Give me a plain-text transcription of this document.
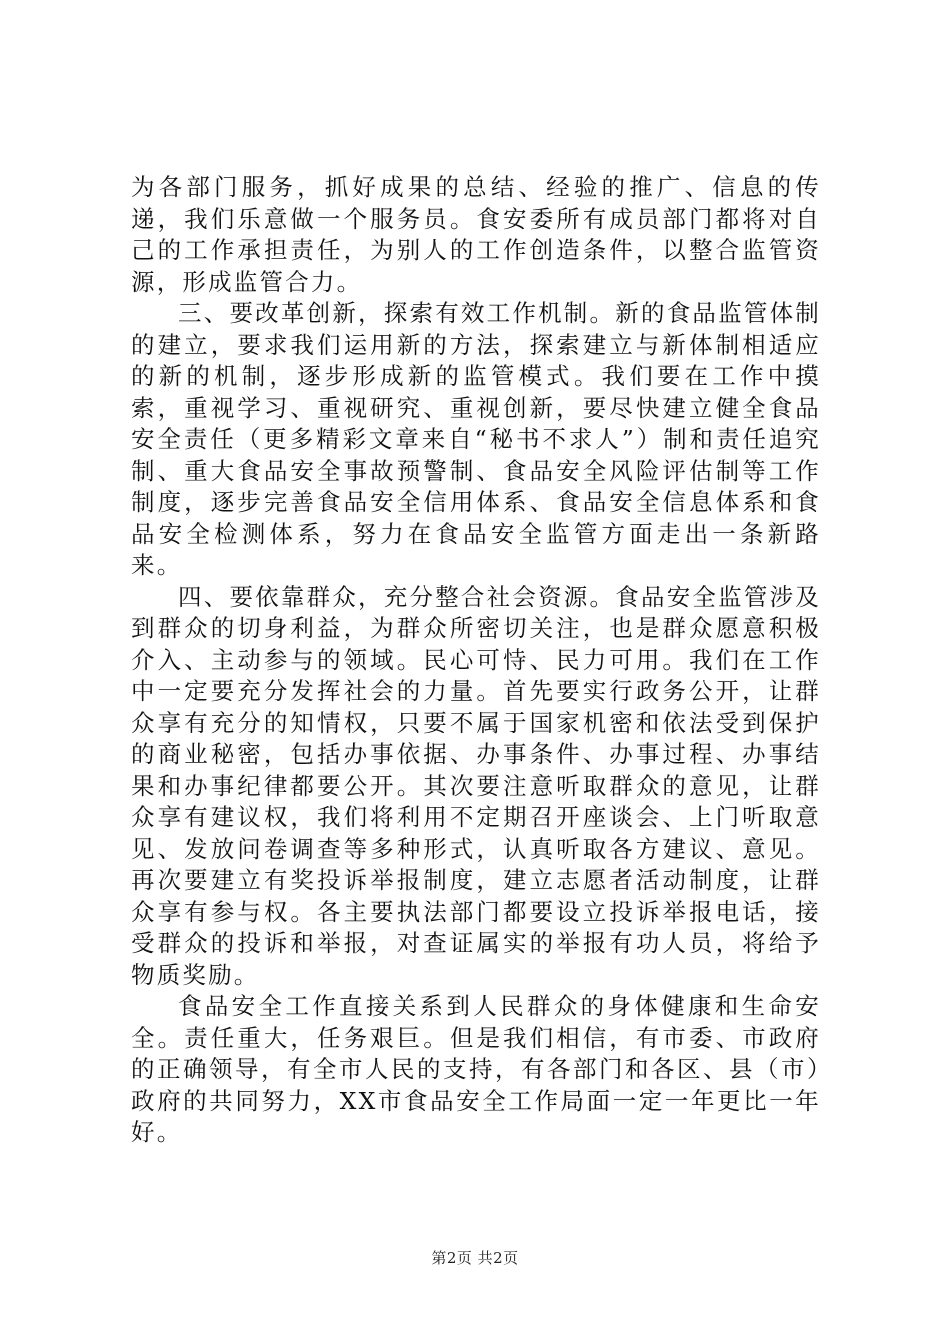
为各部门服务，抓好成果的总结、经验的推广、信息的传递，我们乐意做一个服务员。食安委所有成员部门都将对自己的工作承担责任，为别人的工作创造条件，以整合监管资源，形成监管合力。

三、要改革创新，探索有效工作机制。新的食品监管体制的建立，要求我们运用新的方法，探索建立与新体制相适应的新的机制，逐步形成新的监管模式。我们要在工作中摸索，重视学习、重视研究、重视创新，要尽快建立健全食品安全责任（更多精彩文章来自“秘书不求人”）制和责任追究制、重大食品安全事故预警制、食品安全风险评估制等工作制度，逐步完善食品安全信用体系、食品安全信息体系和食品安全检测体系，努力在食品安全监管方面走出一条新路来。

四、要依靠群众，充分整合社会资源。食品安全监管涉及到群众的切身利益，为群众所密切关注，也是群众愿意积极介入、主动参与的领域。民心可恃、民力可用。我们在工作中一定要充分发挥社会的力量。首先要实行政务公开，让群众享有充分的知情权，只要不属于国家机密和依法受到保护的商业秘密，包括办事依据、办事条件、办事过程、办事结果和办事纪律都要公开。其次要注意听取群众的意见，让群众享有建议权，我们将利用不定期召开座谈会、上门听取意见、发放问卷调查等多种形式，认真听取各方建议、意见。再次要建立有奖投诉举报制度，建立志愿者活动制度，让群众享有参与权。各主要执法部门都要设立投诉举报电话，接受群众的投诉和举报，对查证属实的举报有功人员，将给予物质奖励。

食品安全工作直接关系到人民群众的身体健康和生命安全。责任重大，任务艰巨。但是我们相信，有市委、市政府的正确领导，有全市人民的支持，有各部门和各区、县（市）政府的共同努力，XX市食品安全工作局面一定一年更比一年好。

第2页 共2页
